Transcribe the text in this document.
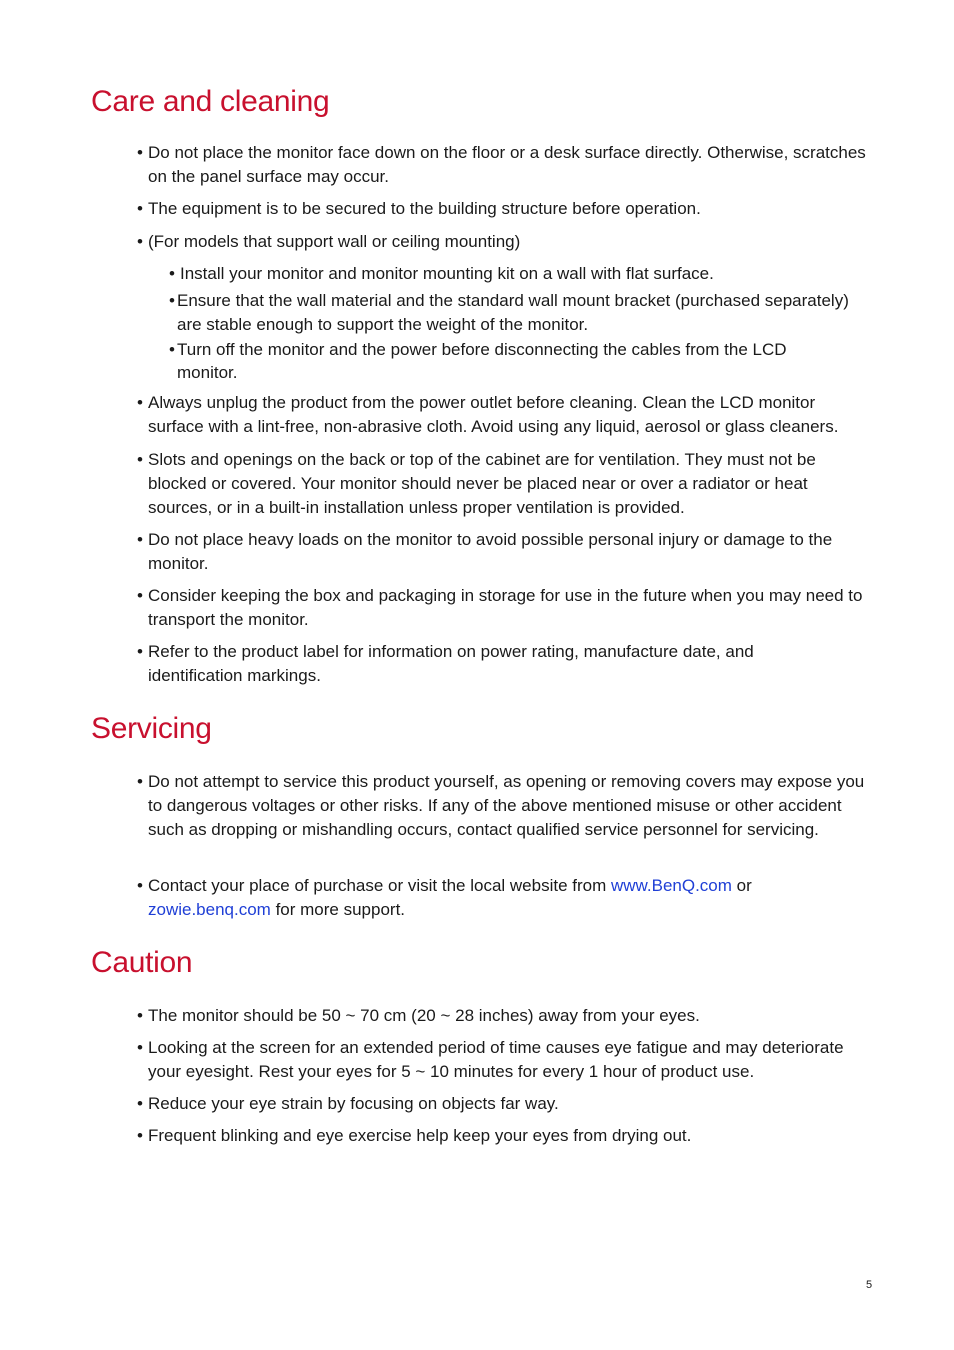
Care and cleaning
• Do not place the monitor face down on the floor or a desk surface directly. Otherwise, scratches on the panel surface may occur.
• The equipment is to be secured to the building structure before operation.
• (For models that support wall or ceiling mounting)
• Install your monitor and monitor mounting kit on a wall with flat surface.
• Ensure that the wall material and the standard wall mount bracket (purchased separately) are stable enough to support the weight of the monitor.
• Turn off the monitor and the power before disconnecting the cables from the LCD monitor.
• Always unplug the product from the power outlet before cleaning. Clean the LCD monitor surface with a lint-free, non-abrasive cloth. Avoid using any liquid, aerosol or glass cleaners.
• Slots and openings on the back or top of the cabinet are for ventilation. They must not be blocked or covered. Your monitor should never be placed near or over a radiator or heat sources, or in a built-in installation unless proper ventilation is provided.
• Do not place heavy loads on the monitor to avoid possible personal injury or damage to the monitor.
• Consider keeping the box and packaging in storage for use in the future when you may need to transport the monitor.
• Refer to the product label for information on power rating, manufacture date, and identification markings.
Servicing
• Do not attempt to service this product yourself, as opening or removing covers may expose you to dangerous voltages or other risks. If any of the above mentioned misuse or other accident such as dropping or mishandling occurs, contact qualified service personnel for servicing.
• Contact your place of purchase or visit the local website from www.BenQ.com or zowie.benq.com for more support.
Caution
• The monitor should be 50 ~ 70 cm (20 ~ 28 inches) away from your eyes.
• Looking at the screen for an extended period of time causes eye fatigue and may deteriorate your eyesight. Rest your eyes for 5 ~ 10 minutes for every 1 hour of product use.
• Reduce your eye strain by focusing on objects far way.
• Frequent blinking and eye exercise help keep your eyes from drying out.
5
